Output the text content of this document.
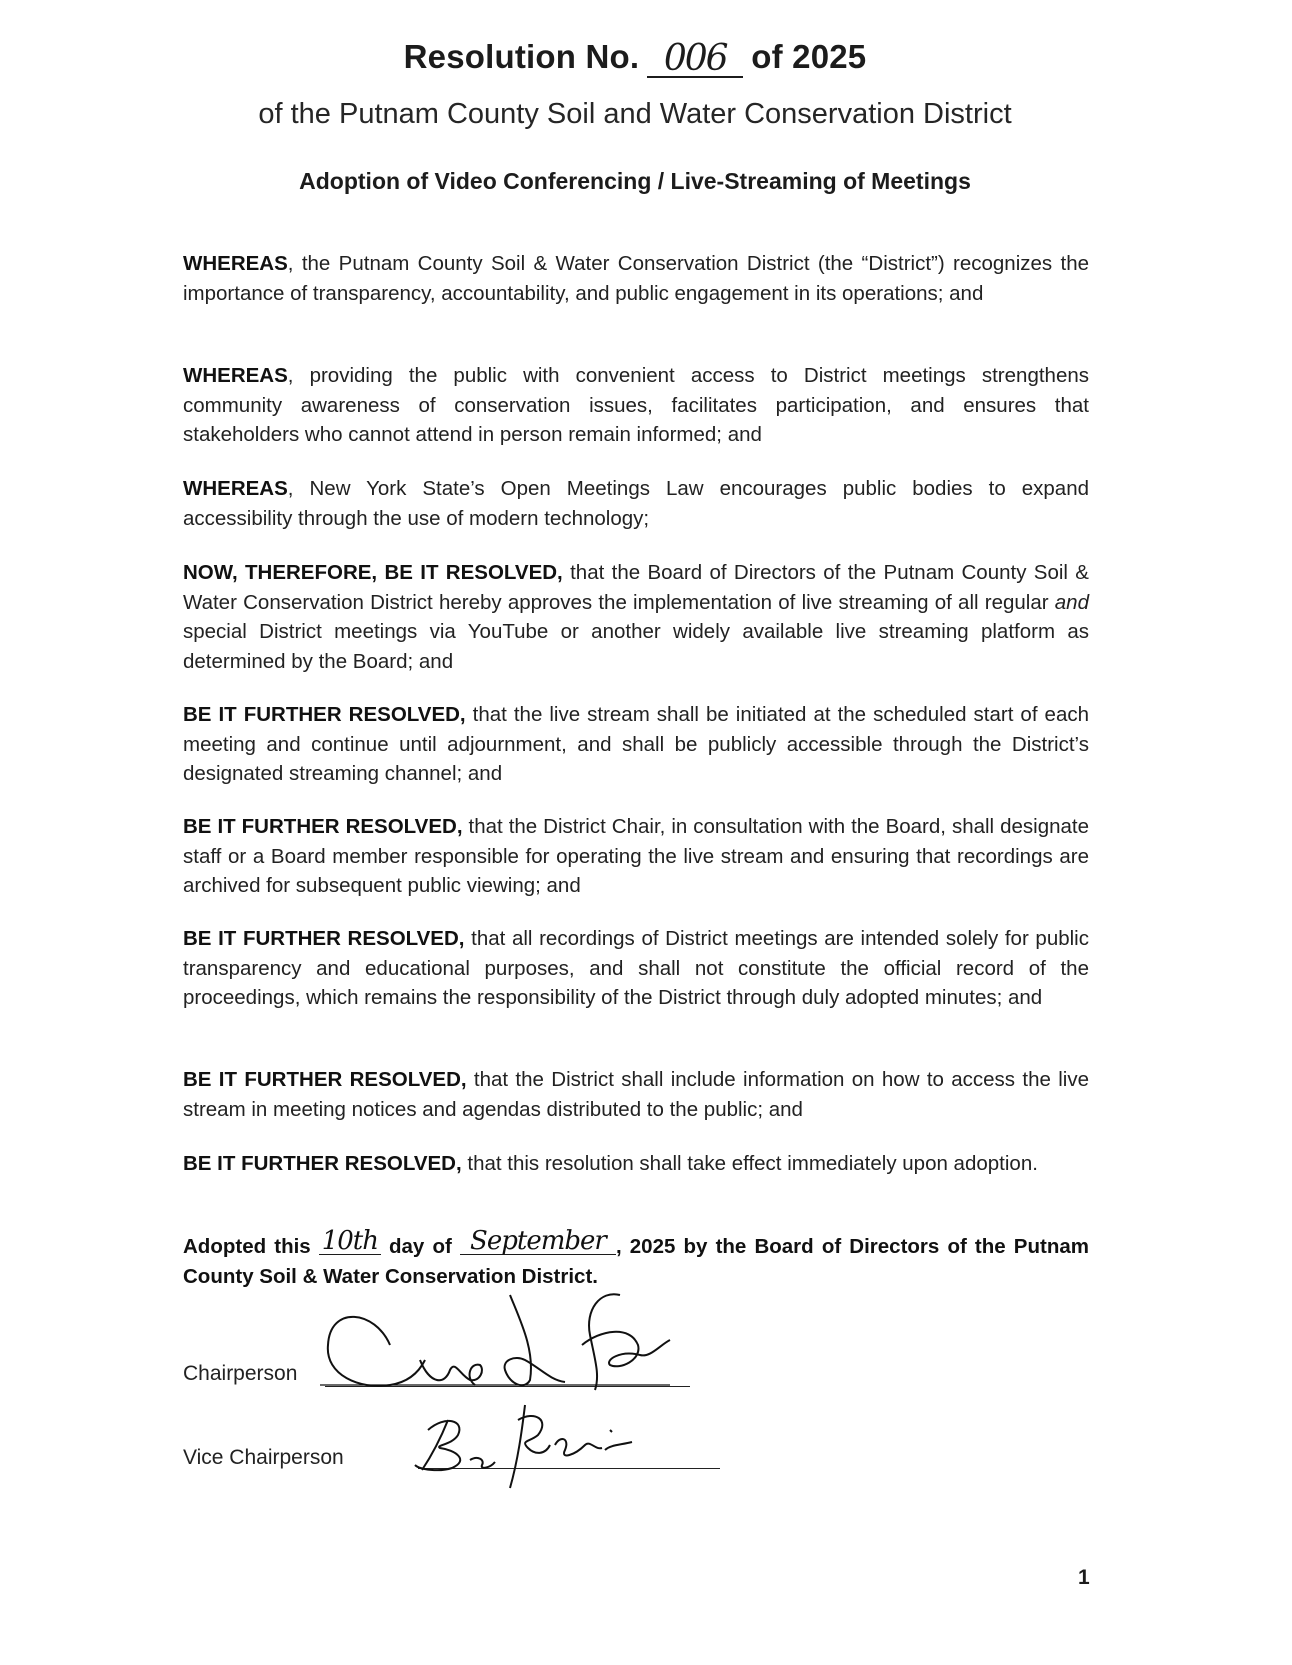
Resolution No. 006 of 2025
of the Putnam County Soil and Water Conservation District
Adoption of Video Conferencing / Live-Streaming of Meetings
WHEREAS, the Putnam County Soil & Water Conservation District (the “District”) recognizes the importance of transparency, accountability, and public engagement in its operations; and
WHEREAS, providing the public with convenient access to District meetings strengthens community awareness of conservation issues, facilitates participation, and ensures that stakeholders who cannot attend in person remain informed; and
WHEREAS, New York State’s Open Meetings Law encourages public bodies to expand accessibility through the use of modern technology;
NOW, THEREFORE, BE IT RESOLVED, that the Board of Directors of the Putnam County Soil & Water Conservation District hereby approves the implementation of live streaming of all regular and special District meetings via YouTube or another widely available live streaming platform as determined by the Board; and
BE IT FURTHER RESOLVED, that the live stream shall be initiated at the scheduled start of each meeting and continue until adjournment, and shall be publicly accessible through the District’s designated streaming channel; and
BE IT FURTHER RESOLVED, that the District Chair, in consultation with the Board, shall designate staff or a Board member responsible for operating the live stream and ensuring that recordings are archived for subsequent public viewing; and
BE IT FURTHER RESOLVED, that all recordings of District meetings are intended solely for public transparency and educational purposes, and shall not constitute the official record of the proceedings, which remains the responsibility of the District through duly adopted minutes; and
BE IT FURTHER RESOLVED, that the District shall include information on how to access the live stream in meeting notices and agendas distributed to the public; and
BE IT FURTHER RESOLVED, that this resolution shall take effect immediately upon adoption.
Adopted this 10th day of September , 2025 by the Board of Directors of the Putnam County Soil & Water Conservation District.
Chairperson
Vice Chairperson
1
